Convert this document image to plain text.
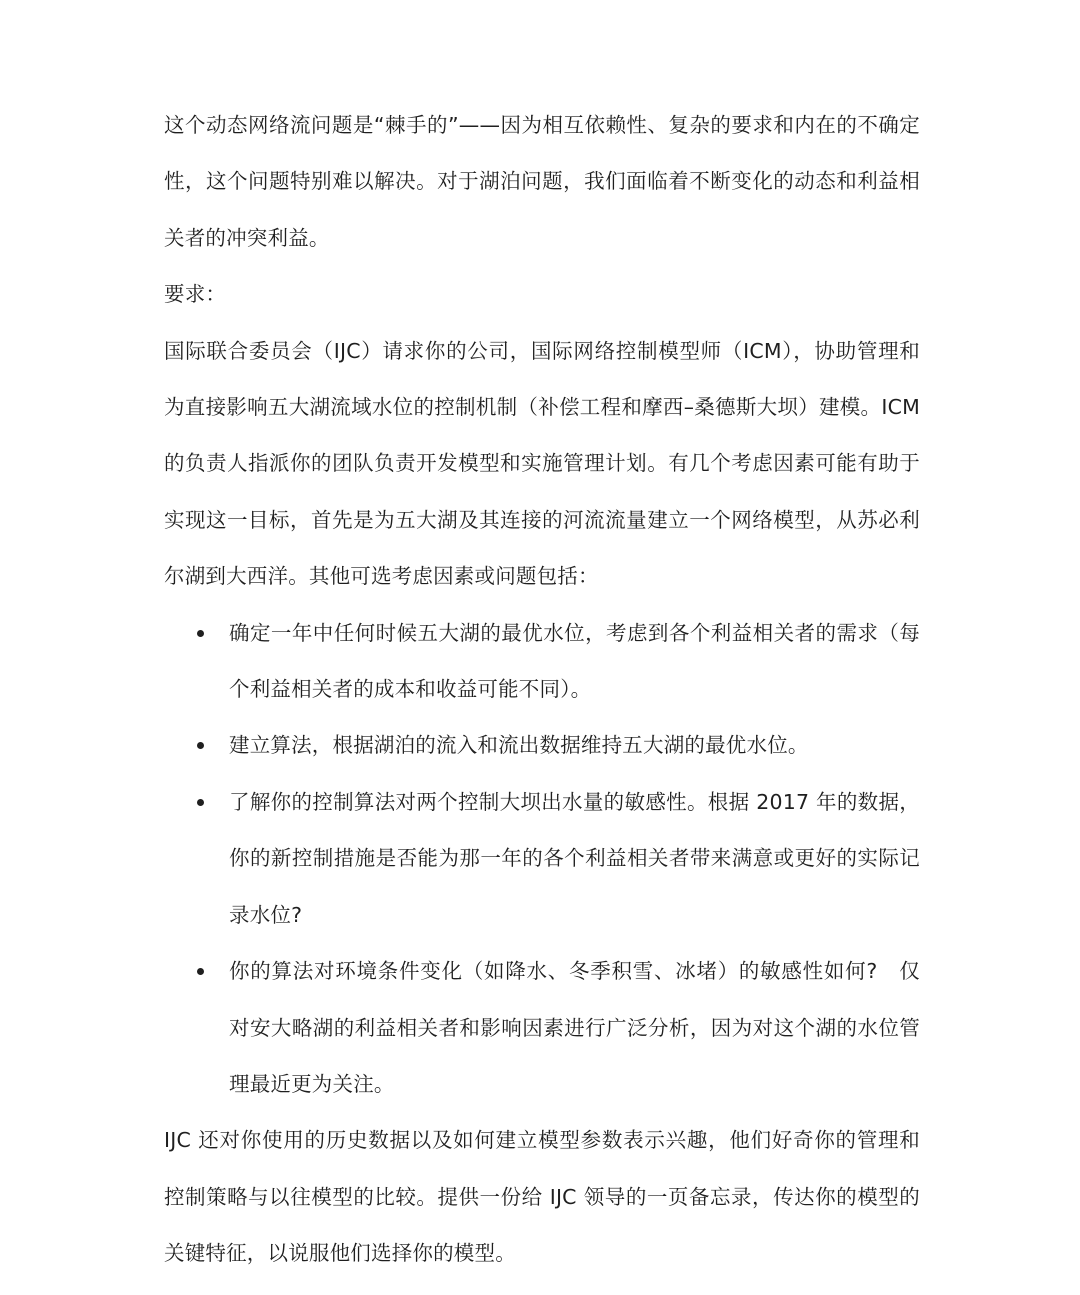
这个动态网络流问题是“棘手的”——因为相互依赖性、复杂的要求和内在的不确定性，这个问题特别难以解决。对于湖泊问题，我们面临着不断变化的动态和利益相关者的冲突利益。

要求：

国际联合委员会（IJC）请求你的公司，国际网络控制模型师（ICM），协助管理和为直接影响五大湖流域水位的控制机制（补偿工程和摩西–桑德斯大坝）建模。ICM 的负责人指派你的团队负责开发模型和实施管理计划。有几个考虑因素可能有助于实现这一目标，首先是为五大湖及其连接的河流流量建立一个网络模型，从苏必利尔湖到大西洋。其他可选考虑因素或问题包括：

确定一年中任何时候五大湖的最优水位，考虑到各个利益相关者的需求（每个利益相关者的成本和收益可能不同）。
建立算法，根据湖泊的流入和流出数据维持五大湖的最优水位。
了解你的控制算法对两个控制大坝出水量的敏感性。根据 2017 年的数据，你的新控制措施是否能为那一年的各个利益相关者带来满意或更好的实际记录水位?
你的算法对环境条件变化（如降水、冬季积雪、冰堵）的敏感性如何?　仅对安大略湖的利益相关者和影响因素进行广泛分析，因为对这个湖的水位管理最近更为关注。

IJC 还对你使用的历史数据以及如何建立模型参数表示兴趣，他们好奇你的管理和控制策略与以往模型的比较。提供一份给 IJC 领导的一页备忘录，传达你的模型的关键特征，以说服他们选择你的模型。
